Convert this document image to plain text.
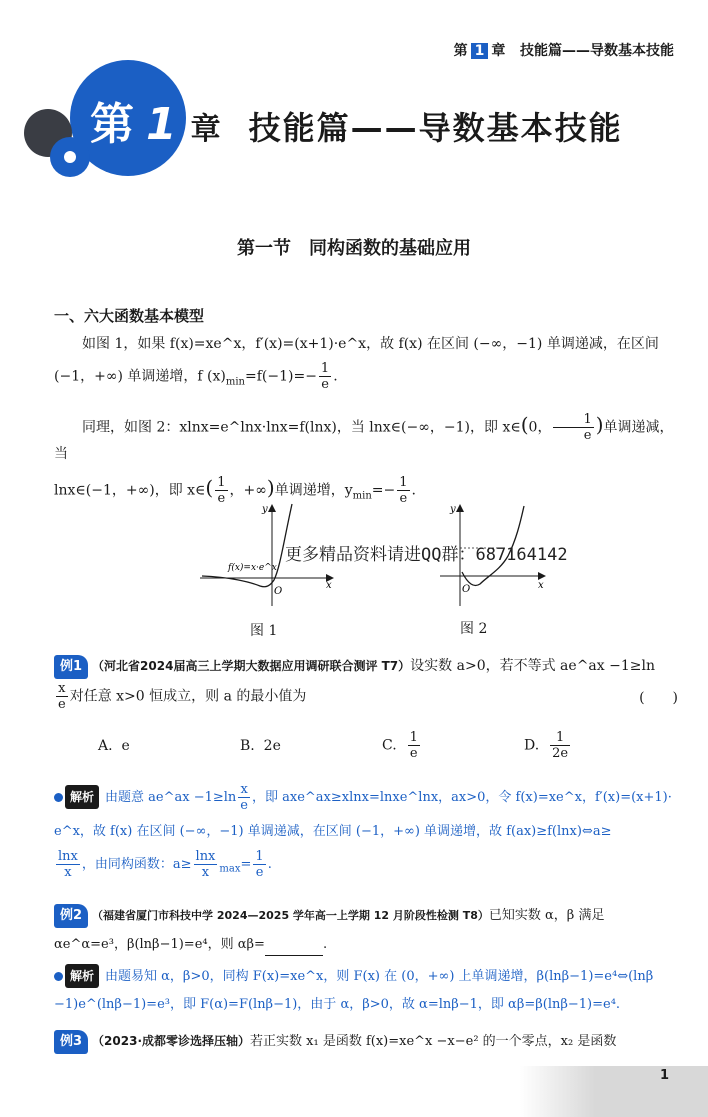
第 1 章 技能篇——导数基本技能
第 1 章 技能篇——导数基本技能
第一节　同构函数的基础应用
一、六大函数基本模型
如图 1，如果 f(x)=xe^x，f′(x)=(x+1)·e^x，故 f(x) 在区间 (−∞，−1) 单调递减，在区间
(−1，+∞) 单调递增，f $(x)_{min}=f(-1)=- \frac{1}{e}$ .
同理，如图 2：xlnx=e^lnx·lnx=f(lnx)，当 lnx∈(−∞，−1)，即 x∈(0， $\frac{1}{e}$ )单调递减，当
lnx∈(−1，+∞)，即 x∈( $\frac{1}{e}$ ，+∞)单调递增，$y_{min}=- \frac{1}{e}$ .
f(x)=x·e^x
y
x
O
图 1
y
x
O
图 2
更多精品资料请进QQ群：687164142
例1 （河北省2024届高三上学期大数据应用调研联合测评 T7）设实数 a>0，若不等式 ae^ax −1≥ln
$\frac{x}{e}$ 对任意 x>0 恒成立，则 a 的最小值为	(　　)
A. e	B. 2e	C. $\frac{1}{e}$	D. $\frac{1}{2e}$
解析 由题意 ae^ax $-1\ge\ln \frac{x}{e}$ ，即 axe^ax≥xlnx=lnxe^lnx，ax>0，令 f(x)=xe^x，f′(x)=(x+1)·
e^x，故 f(x) 在区间 (−∞，−1) 单调递减，在区间 (−1，+∞) 单调递增，故 f(ax)≥f(lnx)⇔a≥
$\frac{\ln x}{x}$ ，由同构函数：$a\ge \frac{\ln x}{x} _{max}= \frac{1}{e}$ .
例2 （福建省厦门市科技中学 2024—2025 学年高一上学期 12 月阶段性检测 T8）已知实数 α，β 满足
αe^α=e³，β(lnβ−1)=e⁴，则 αβ=	.
解析 由题易知 α，β>0，同构 F(x)=xe^x，则 F(x) 在 (0，+∞) 上单调递增，β(lnβ−1)=e⁴⇔(lnβ
−1)e^(lnβ−1)=e³，即 F(α)=F(lnβ−1)，由于 α，β>0，故 α=lnβ−1，即 αβ=β(lnβ−1)=e⁴.
例3 （2023·成都零诊选择压轴）若正实数 x₁ 是函数 f(x)=xe^x −x−e² 的一个零点，x₂ 是函数
1
